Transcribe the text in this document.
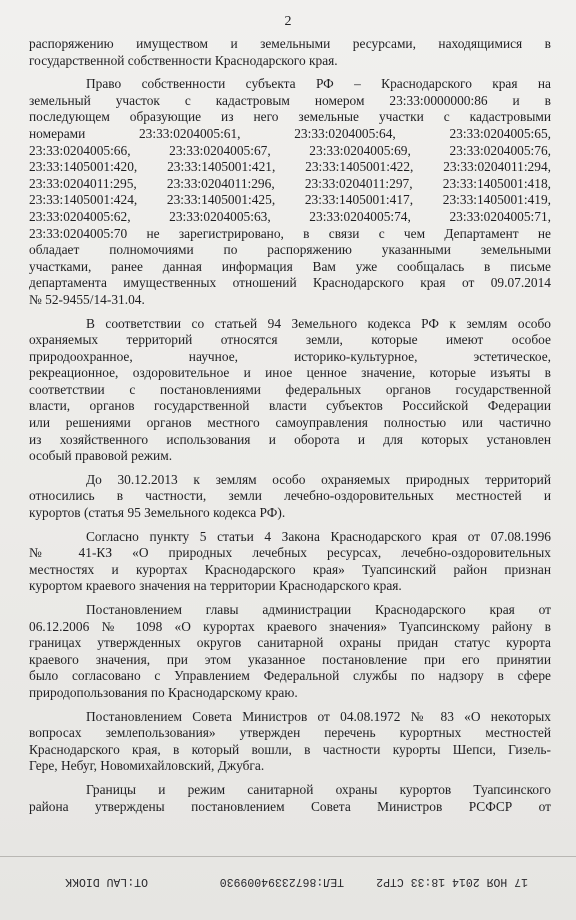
2
распоряжению имуществом и земельными ресурсами, находящимися в
государственной собственности Краснодарского края.
Право собственности субъекта РФ – Краснодарского края на
земельный участок с кадастровым номером 23:33:0000000:86 и в
последующем образующие из него земельные участки с кадастровыми
номерами 23:33:0204005:61, 23:33:0204005:64, 23:33:0204005:65,
23:33:0204005:66, 23:33:0204005:67, 23:33:0204005:69, 23:33:0204005:76,
23:33:1405001:420, 23:33:1405001:421, 23:33:1405001:422, 23:33:0204011:294,
23:33:0204011:295, 23:33:0204011:296, 23:33:0204011:297, 23:33:1405001:418,
23:33:1405001:424, 23:33:1405001:425, 23:33:1405001:417, 23:33:1405001:419,
23:33:0204005:62, 23:33:0204005:63, 23:33:0204005:74, 23:33:0204005:71,
23:33:0204005:70 не зарегистрировано, в связи с чем Департамент не
обладает полномочиями по распоряжению указанными земельными
участками, ранее данная информация Вам уже сообщалась в письме
департамента имущественных отношений Краснодарского края от 09.07.2014
№ 52-9455/14-31.04.
В соответствии со статьей 94 Земельного кодекса РФ к землям особо
охраняемых территорий относятся земли, которые имеют особое
природоохранное, научное, историко-культурное, эстетическое,
рекреационное, оздоровительное и иное ценное значение, которые изъяты в
соответствии с постановлениями федеральных органов государственной
власти, органов государственной власти субъектов Российской Федерации
или решениями органов местного самоуправления полностью или частично
из хозяйственного использования и оборота и для которых установлен
особый правовой режим.
До 30.12.2013 к землям особо охраняемых природных территорий
относились в частности, земли лечебно-оздоровительных местностей и
курортов (статья 95 Земельного кодекса РФ).
Согласно пункту 5 статьи 4 Закона Краснодарского края от 07.08.1996
№ 41-КЗ «О природных лечебных ресурсах, лечебно-оздоровительных
местностях и курортах Краснодарского края» Туапсинский район признан
курортом краевого значения на территории Краснодарского края.
Постановлением главы администрации Краснодарского края от
06.12.2006 № 1098 «О курортах краевого значения» Туапсинскому району в
границах утвержденных округов санитарной охраны придан статус курорта
краевого значения, при этом указанное постановление при его принятии
было согласовано с Управлением Федеральной службы по надзору в сфере
природопользования по Краснодарскому краю.
Постановлением Совета Министров от 04.08.1972 № 83 «О некоторых
вопросах землепользования» утвержден перечень курортных местностей
Краснодарского края, в который вошли, в частности курорты Шепси, Гизель-
Гере, Небуг, Новомихайловский, Джубга.
Границы и режим санитарной охраны курортов Туапсинского
района утверждены постановлением Совета Министров РСФСР от
OT:LAU DIOKK	ТЕЛ:86723394009930	17 НОЯ 2014 18:33 СТР2
